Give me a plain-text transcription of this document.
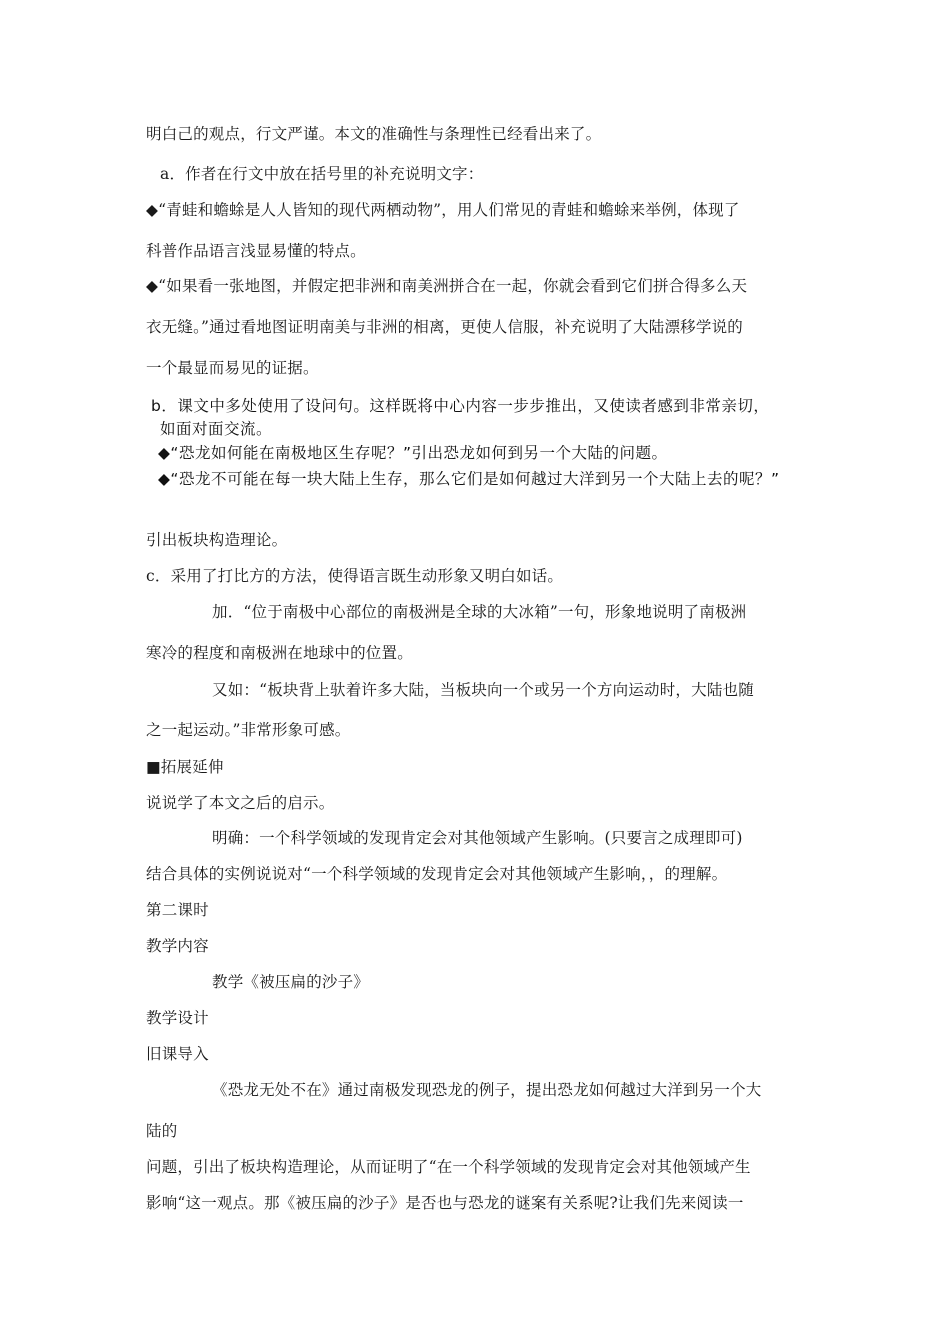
明白己的观点，行文严谨。本文的准确性与条理性已经看出来了。
a．作者在行文中放在括号里的补充说明文字：
◆“青蛙和蟾蜍是人人皆知的现代两栖动物”，用人们常见的青蛙和蟾蜍来举例，体现了
科普作品语言浅显易懂的特点。
◆“如果看一张地图，并假定把非洲和南美洲拼合在一起，你就会看到它们拼合得多么天
衣无缝。”通过看地图证明南美与非洲的相离，更使人信服，补充说明了大陆漂移学说的
一个最显而易见的证据。
b．课文中多处使用了设问句。这样既将中心内容一步步推出，又使读者感到非常亲切，
如面对面交流。
◆“恐龙如何能在南极地区生存呢？”引出恐龙如何到另一个大陆的问题。
◆“恐龙不可能在每一块大陆上生存，那么它们是如何越过大洋到另一个大陆上去的呢？”
引出板块构造理论。
c．采用了打比方的方法，使得语言既生动形象又明白如话。
加．“位于南极中心部位的南极洲是全球的大冰箱”一句，形象地说明了南极洲
寒冷的程度和南极洲在地球中的位置。
又如：“板块背上驮着许多大陆，当板块向一个或另一个方向运动时，大陆也随
之一起运动。”非常形象可感。
■拓展延伸
说说学了本文之后的启示。
明确：一个科学领域的发现肯定会对其他领域产生影响。(只要言之成理即可)
结合具体的实例说说对“一个科学领域的发现肯定会对其他领域产生影响，，的理解。
第二课时
教学内容
教学《被压扁的沙子》
教学设计
旧课导入
《恐龙无处不在》通过南极发现恐龙的例子，提出恐龙如何越过大洋到另一个大
陆的
问题，引出了板块构造理论，从而证明了“在一个科学领域的发现肯定会对其他领域产生
影响“这一观点。那《被压扁的沙子》是否也与恐龙的谜案有关系呢?让我们先来阅读一
